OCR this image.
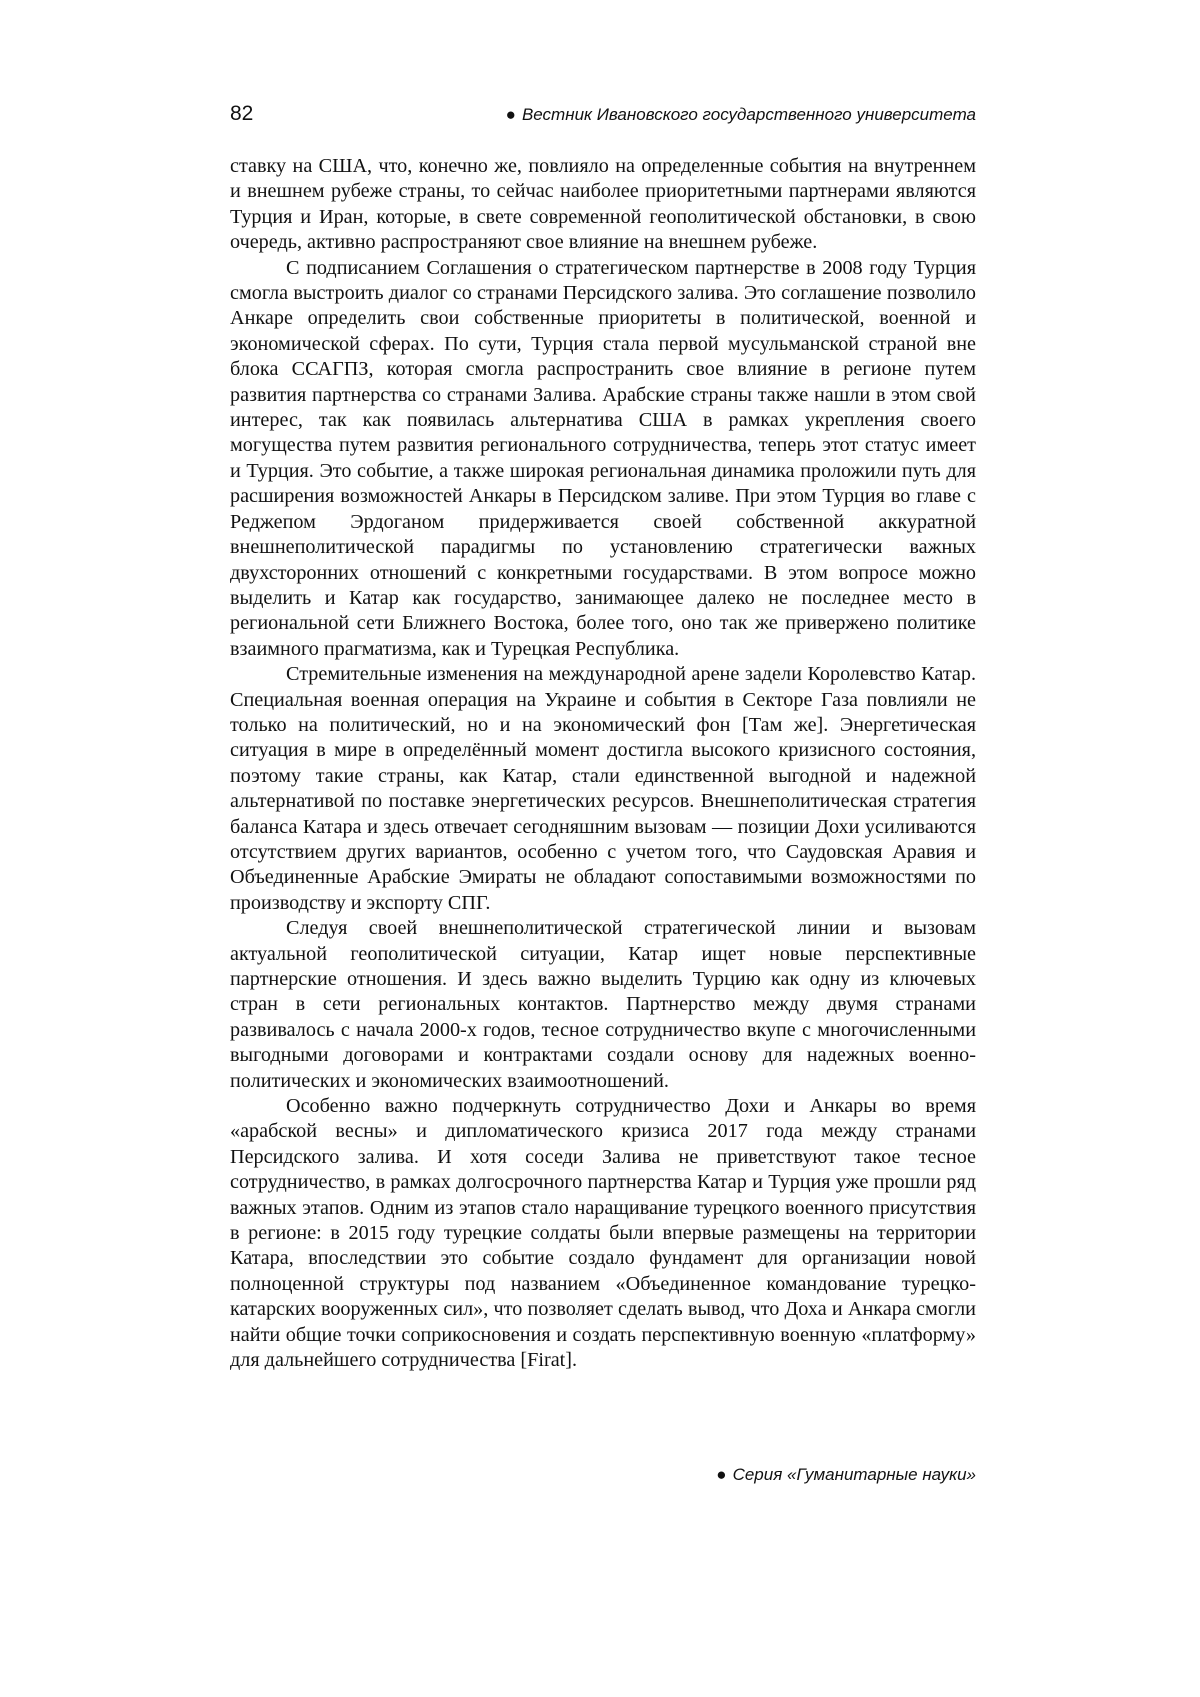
82	● Вестник Ивановского государственного университета

ставку на США, что, конечно же, повлияло на определенные события на внутреннем и внешнем рубеже страны, то сейчас наиболее приоритетными партнерами являются Турция и Иран, которые, в свете современной геополитической обстановки, в свою очередь, активно распространяют свое влияние на внешнем рубеже.

С подписанием Соглашения о стратегическом партнерстве в 2008 году Турция смогла выстроить диалог со странами Персидского залива. Это соглашение позволило Анкаре определить свои собственные приоритеты в политической, военной и экономической сферах. По сути, Турция стала первой мусульманской страной вне блока ССАГПЗ, которая смогла распространить свое влияние в регионе путем развития партнерства со странами Залива. Арабские страны также нашли в этом свой интерес, так как появилась альтернатива США в рамках укрепления своего могущества путем развития регионального сотрудничества, теперь этот статус имеет и Турция. Это событие, а также широкая региональная динамика проложили путь для расширения возможностей Анкары в Персидском заливе. При этом Турция во главе с Реджепом Эрдоганом придерживается своей собственной аккуратной внешнеполитической парадигмы по установлению стратегически важных двухсторонних отношений с конкретными государствами. В этом вопросе можно выделить и Катар как государство, занимающее далеко не последнее место в региональной сети Ближнего Востока, более того, оно так же привержено политике взаимного прагматизма, как и Турецкая Республика.

Стремительные изменения на международной арене задели Королевство Катар. Специальная военная операция на Украине и события в Секторе Газа повлияли не только на политический, но и на экономический фон [Там же]. Энергетическая ситуация в мире в определённый момент достигла высокого кризисного состояния, поэтому такие страны, как Катар, стали единственной выгодной и надежной альтернативой по поставке энергетических ресурсов. Внешнеполитическая стратегия баланса Катара и здесь отвечает сегодняшним вызовам — позиции Дохи усиливаются отсутствием других вариантов, особенно с учетом того, что Саудовская Аравия и Объединенные Арабские Эмираты не обладают сопоставимыми возможностями по производству и экспорту СПГ.

Следуя своей внешнеполитической стратегической линии и вызовам актуальной геополитической ситуации, Катар ищет новые перспективные партнерские отношения. И здесь важно выделить Турцию как одну из ключевых стран в сети региональных контактов. Партнерство между двумя странами развивалось с начала 2000-х годов, тесное сотрудничество вкупе с многочисленными выгодными договорами и контрактами создали основу для надежных военно-политических и экономических взаимоотношений.

Особенно важно подчеркнуть сотрудничество Дохи и Анкары во время «арабской весны» и дипломатического кризиса 2017 года между странами Персидского залива. И хотя соседи Залива не приветствуют такое тесное сотрудничество, в рамках долгосрочного партнерства Катар и Турция уже прошли ряд важных этапов. Одним из этапов стало наращивание турецкого военного присутствия в регионе: в 2015 году турецкие солдаты были впервые размещены на территории Катара, впоследствии это событие создало фундамент для организации новой полноценной структуры под названием «Объединенное командование турецко-катарских вооруженных сил», что позволяет сделать вывод, что Доха и Анкара смогли найти общие точки соприкосновения и создать перспективную военную «платформу» для дальнейшего сотрудничества [Firat].

● Серия «Гуманитарные науки»
